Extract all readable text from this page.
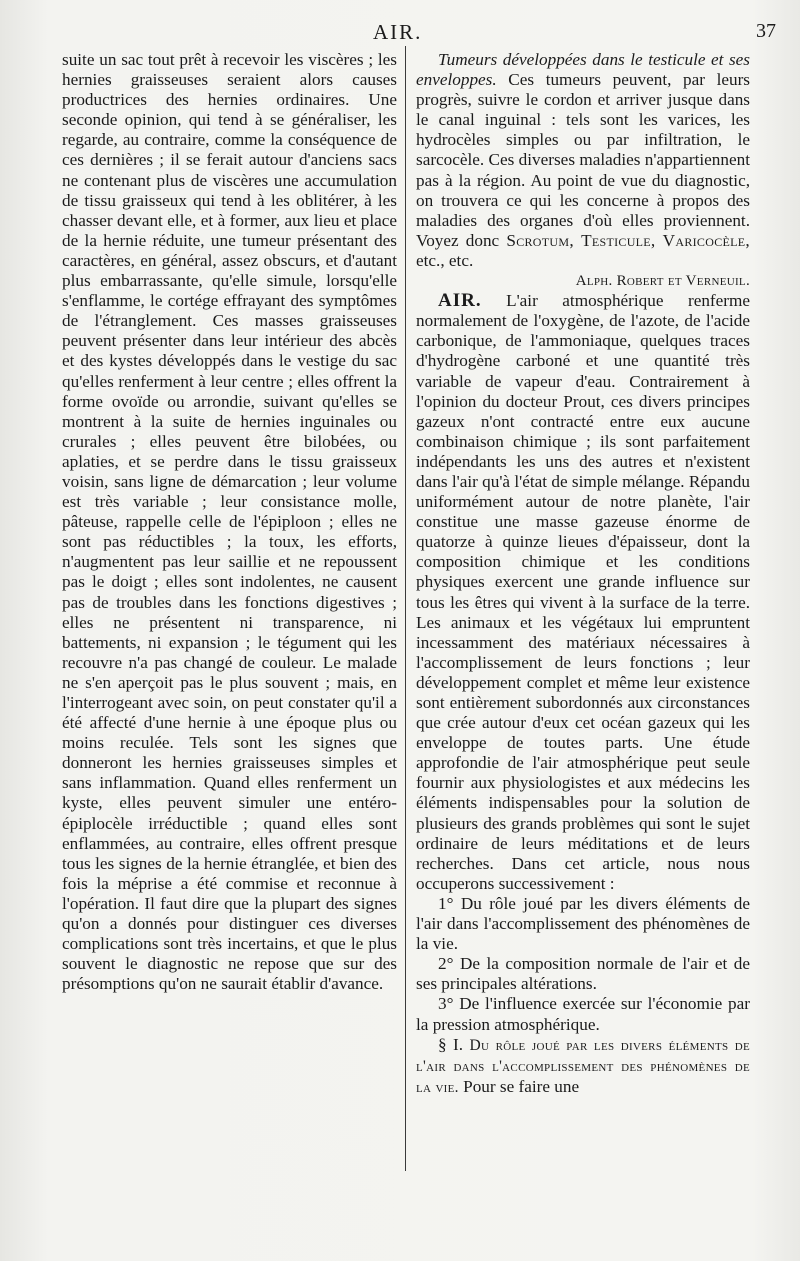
AIR.	37

suite un sac tout prêt à recevoir les viscères ; les hernies graisseuses seraient alors causes productrices des hernies ordinaires. Une seconde opinion, qui tend à se généraliser, les regarde, au contraire, comme la conséquence de ces dernières ; il se ferait autour d'anciens sacs ne contenant plus de viscères une accumulation de tissu graisseux qui tend à les oblitérer, à les chasser devant elle, et à former, aux lieu et place de la hernie réduite, une tumeur présentant des caractères, en général, assez obscurs, et d'autant plus embarrassante, qu'elle simule, lorsqu'elle s'enflamme, le cortége effrayant des symptômes de l'étranglement. Ces masses graisseuses peuvent présenter dans leur intérieur des abcès et des kystes développés dans le vestige du sac qu'elles renferment à leur centre ; elles offrent la forme ovoïde ou arrondie, suivant qu'elles se montrent à la suite de hernies inguinales ou crurales ; elles peuvent être bilobées, ou aplaties, et se perdre dans le tissu graisseux voisin, sans ligne de démarcation ; leur volume est très variable ; leur consistance molle, pâteuse, rappelle celle de l'épiploon ; elles ne sont pas réductibles ; la toux, les efforts, n'augmentent pas leur saillie et ne repoussent pas le doigt ; elles sont indolentes, ne causent pas de troubles dans les fonctions digestives ; elles ne présentent ni transparence, ni battements, ni expansion ; le tégument qui les recouvre n'a pas changé de couleur. Le malade ne s'en aperçoit pas le plus souvent ; mais, en l'interrogeant avec soin, on peut constater qu'il a été affecté d'une hernie à une époque plus ou moins reculée. Tels sont les signes que donneront les hernies graisseuses simples et sans inflammation. Quand elles renferment un kyste, elles peuvent simuler une entéro-épiplocèle irréductible ; quand elles sont enflammées, au contraire, elles offrent presque tous les signes de la hernie étranglée, et bien des fois la méprise a été commise et reconnue à l'opération. Il faut dire que la plupart des signes qu'on a donnés pour distinguer ces diverses complications sont très incertains, et que le plus souvent le diagnostic ne repose que sur des présomptions qu'on ne saurait établir d'avance.

Tumeurs développées dans le testicule et ses enveloppes. Ces tumeurs peuvent, par leurs progrès, suivre le cordon et arriver jusque dans le canal inguinal : tels sont les varices, les hydrocèles simples ou par infiltration, le sarcocèle. Ces diverses maladies n'appartiennent pas à la région. Au point de vue du diagnostic, on trouvera ce qui les concerne à propos des maladies des organes d'où elles proviennent. Voyez donc Scrotum, Testicule, Varicocèle, etc., etc.

Alph. Robert et Verneuil.

AIR. L'air atmosphérique renferme normalement de l'oxygène, de l'azote, de l'acide carbonique, de l'ammoniaque, quelques traces d'hydrogène carboné et une quantité très variable de vapeur d'eau. Contrairement à l'opinion du docteur Prout, ces divers principes gazeux n'ont contracté entre eux aucune combinaison chimique ; ils sont parfaitement indépendants les uns des autres et n'existent dans l'air qu'à l'état de simple mélange. Répandu uniformément autour de notre planète, l'air constitue une masse gazeuse énorme de quatorze à quinze lieues d'épaisseur, dont la composition chimique et les conditions physiques exercent une grande influence sur tous les êtres qui vivent à la surface de la terre. Les animaux et les végétaux lui empruntent incessamment des matériaux nécessaires à l'accomplissement de leurs fonctions ; leur développement complet et même leur existence sont entièrement subordonnés aux circonstances que crée autour d'eux cet océan gazeux qui les enveloppe de toutes parts. Une étude approfondie de l'air atmosphérique peut seule fournir aux physiologistes et aux médecins les éléments indispensables pour la solution de plusieurs des grands problèmes qui sont le sujet ordinaire de leurs méditations et de leurs recherches. Dans cet article, nous nous occuperons successivement :

1° Du rôle joué par les divers éléments de l'air dans l'accomplissement des phénomènes de la vie.

2° De la composition normale de l'air et de ses principales altérations.

3° De l'influence exercée sur l'économie par la pression atmosphérique.

§ I. Du rôle joué par les divers éléments de l'air dans l'accomplissement des phénomènes de la vie. Pour se faire une
